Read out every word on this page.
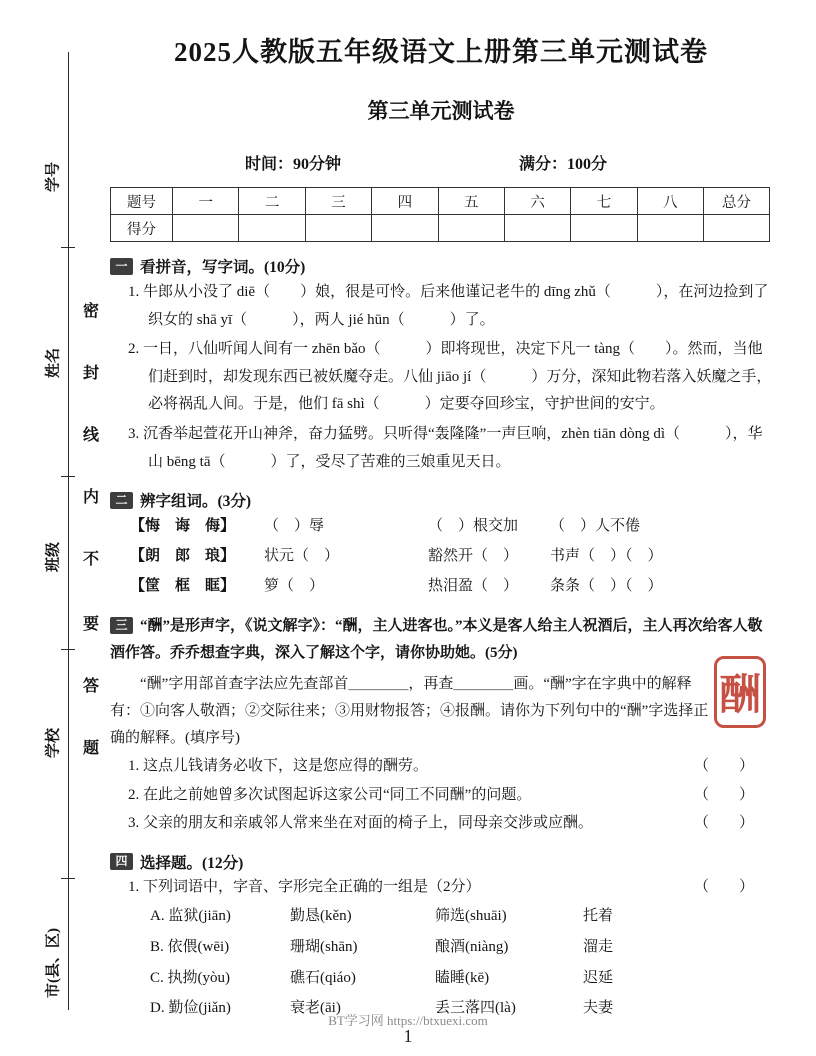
学号
姓名
班级
学校
市(县、区)
密
封
线
内
不
要
答
题
2025人教版五年级语文上册第三单元测试卷
第三单元测试卷
时间：90分钟	满分：100分
题号	一	二	三	四	五	六	七	八	总分
得分									
一 看拼音，写字词。(10分)
1. 牛郎从小没了 diē（　　）娘，很是可怜。后来他谨记老牛的 dīng zhǔ（　　　），在河边捡到了织女的 shā yī（　　　），两人 jié hūn（　　　）了。
2. 一日，八仙听闻人间有一 zhēn bǎo（　　　）即将现世，决定下凡一 tàng（　　）。然而，当他们赶到时，却发现东西已被妖魔夺走。八仙 jiāo jí（　　　）万分，深知此物若落入妖魔之手，必将祸乱人间。于是，他们 fā shì（　　　）定要夺回珍宝，守护世间的安宁。
3. 沉香举起萱花开山神斧，奋力猛劈。只听得“轰隆隆”一声巨响，zhèn tiān dòng dì（　　　），华山 bēng tā（　　　）了，受尽了苦难的三娘重见天日。
二 辨字组词。(3分)
【悔　诲　侮】	（　）辱	（　）根交加	（　）人不倦
【朗　郎　琅】	状元（　）	豁然开（　）	书声（　）（　）
【筐　框　眶】	箩（　）	热泪盈（　）	条条（　）（　）
三 “酬”是形声字，《说文解字》：“酬，主人进客也。”本义是客人给主人祝酒后，主人再次给客人敬酒作答。乔乔想查字典，深入了解这个字，请你协助她。(5分)
“酬”字用部首查字法应先查部首＿＿＿＿，再查＿＿＿＿画。“酬”字在字典中的解释有：①向客人敬酒；②交际往来；③用财物报答；④报酬。请你为下列句中的“酬”字选择正确的解释。(填序号)
1. 这点儿钱请务必收下，这是您应得的酬劳。	（　　）
2. 在此之前她曾多次试图起诉这家公司“同工不同酬”的问题。	（　　）
3. 父亲的朋友和亲戚邻人常来坐在对面的椅子上，同母亲交涉或应酬。	（　　）
四 选择题。(12分)
1. 下列词语中，字音、字形完全正确的一组是（2分）	（　　）
A. 监狱(jiān)	勤恳(kěn)	筛选(shuāi)	托着
B. 依偎(wēi)	珊瑚(shān)	酿酒(niàng)	溜走
C. 执拗(yòu)	礁石(qiáo)	瞌睡(kē)	迟延
D. 勤俭(jiǎn)	衰老(āi)	丢三落四(là)	夫妻
酬
BT学习网 https://btxuexi.com
1
